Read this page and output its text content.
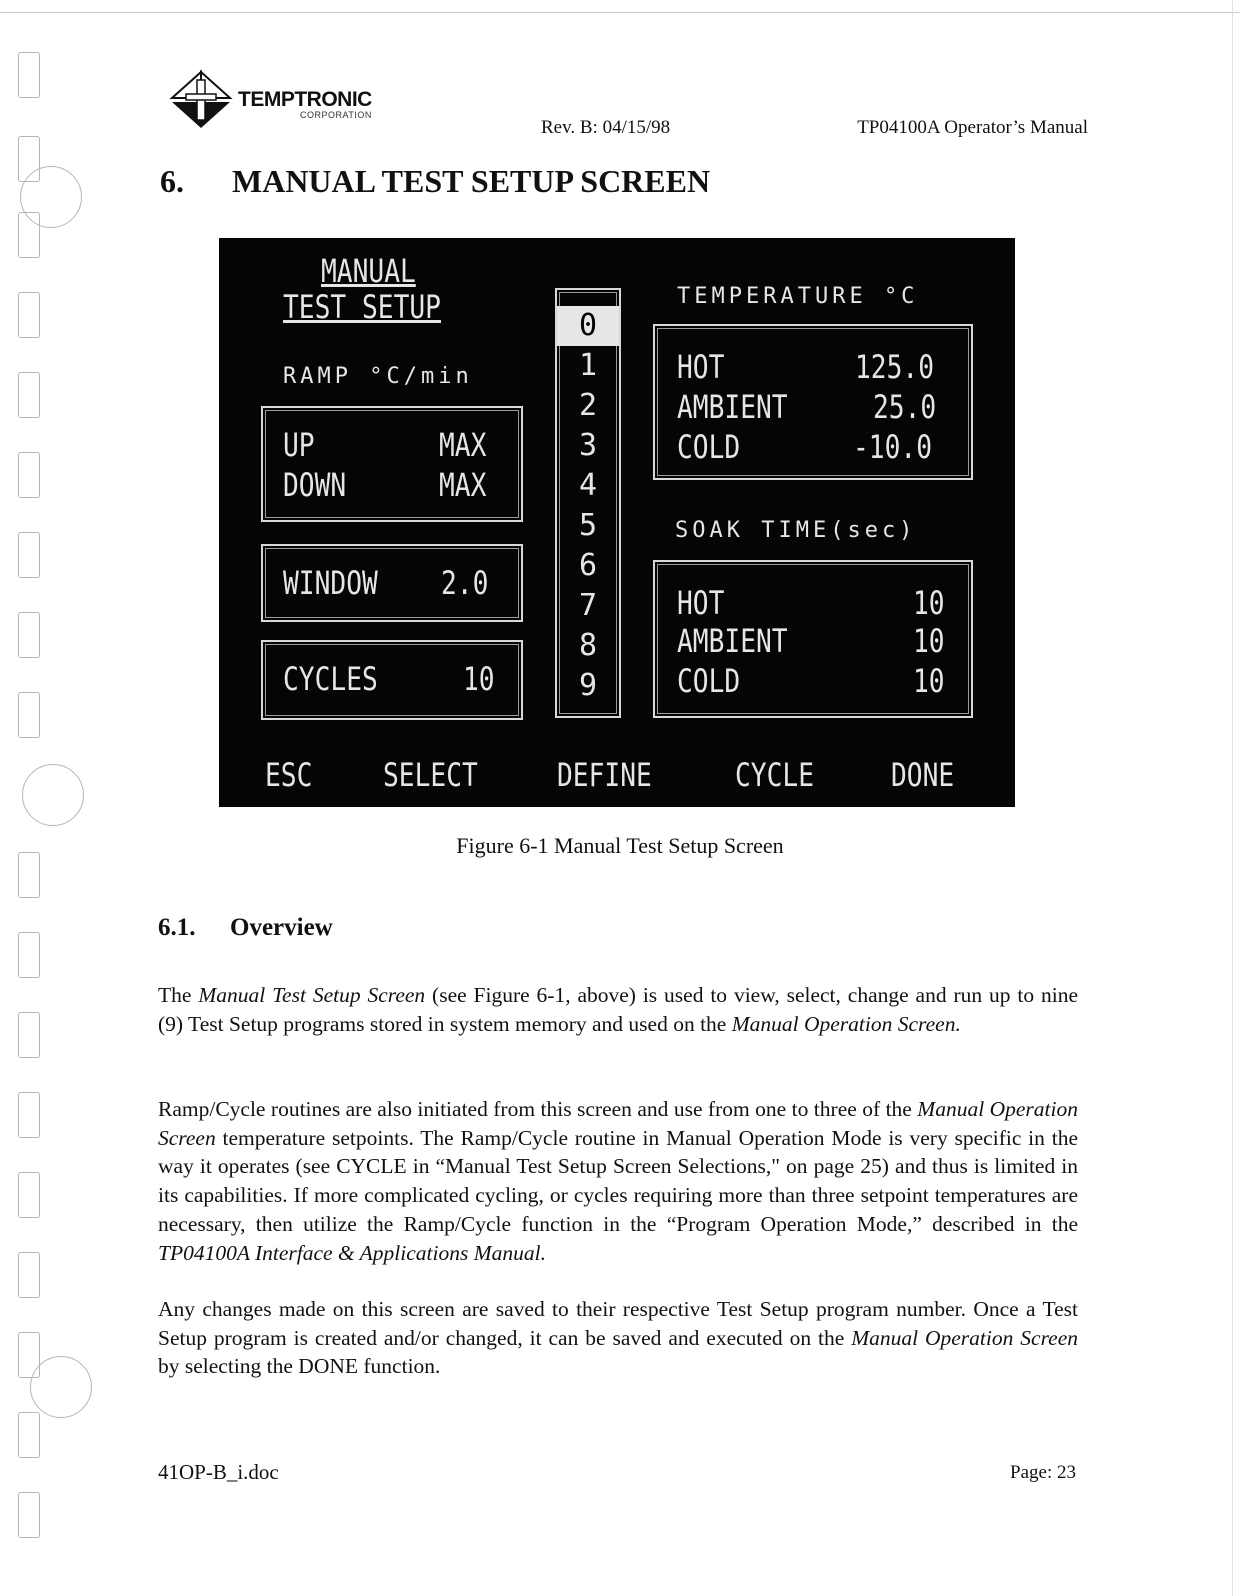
TEMPTRONIC
CORPORATION
Rev. B: 04/15/98	TP04100A Operator’s Manual
6. MANUAL TEST SETUP SCREEN
MANUAL
TEST SETUP
RAMP °C/min
UP	MAX
DOWN	MAX
WINDOW 2.0
CYCLES	10
0
1
2
3
4
5
6
7
8
9
TEMPERATURE °C
HOT	125.0
AMBIENT	25.0
COLD	-10.0
SOAK TIME(sec)
HOT	10
AMBIENT	10
COLD	10
ESC SELECT DEFINE	CYCLE DONE
Figure 6-1 Manual Test Setup Screen
6.1. Overview
The Manual Test Setup Screen (see Figure 6-1, above) is used to view, select, change and run up to nine (9) Test Setup programs stored in system memory and used on the Manual Operation Screen.
Ramp/Cycle routines are also initiated from this screen and use from one to three of the Manual Operation Screen temperature setpoints. The Ramp/Cycle routine in Manual Operation Mode is very specific in the way it operates (see CYCLE in “Manual Test Setup Screen Selections," on page 25) and thus is limited in its capabilities. If more complicated cycling, or cycles requiring more than three setpoint temperatures are necessary, then utilize the Ramp/Cycle function in the “Program Operation Mode,” described in the TP04100A Interface & Applications Manual.
Any changes made on this screen are saved to their respective Test Setup program number. Once a Test Setup program is created and/or changed, it can be saved and executed on the Manual Operation Screen by selecting the DONE function.
41OP-B_i.doc	Page: 23
